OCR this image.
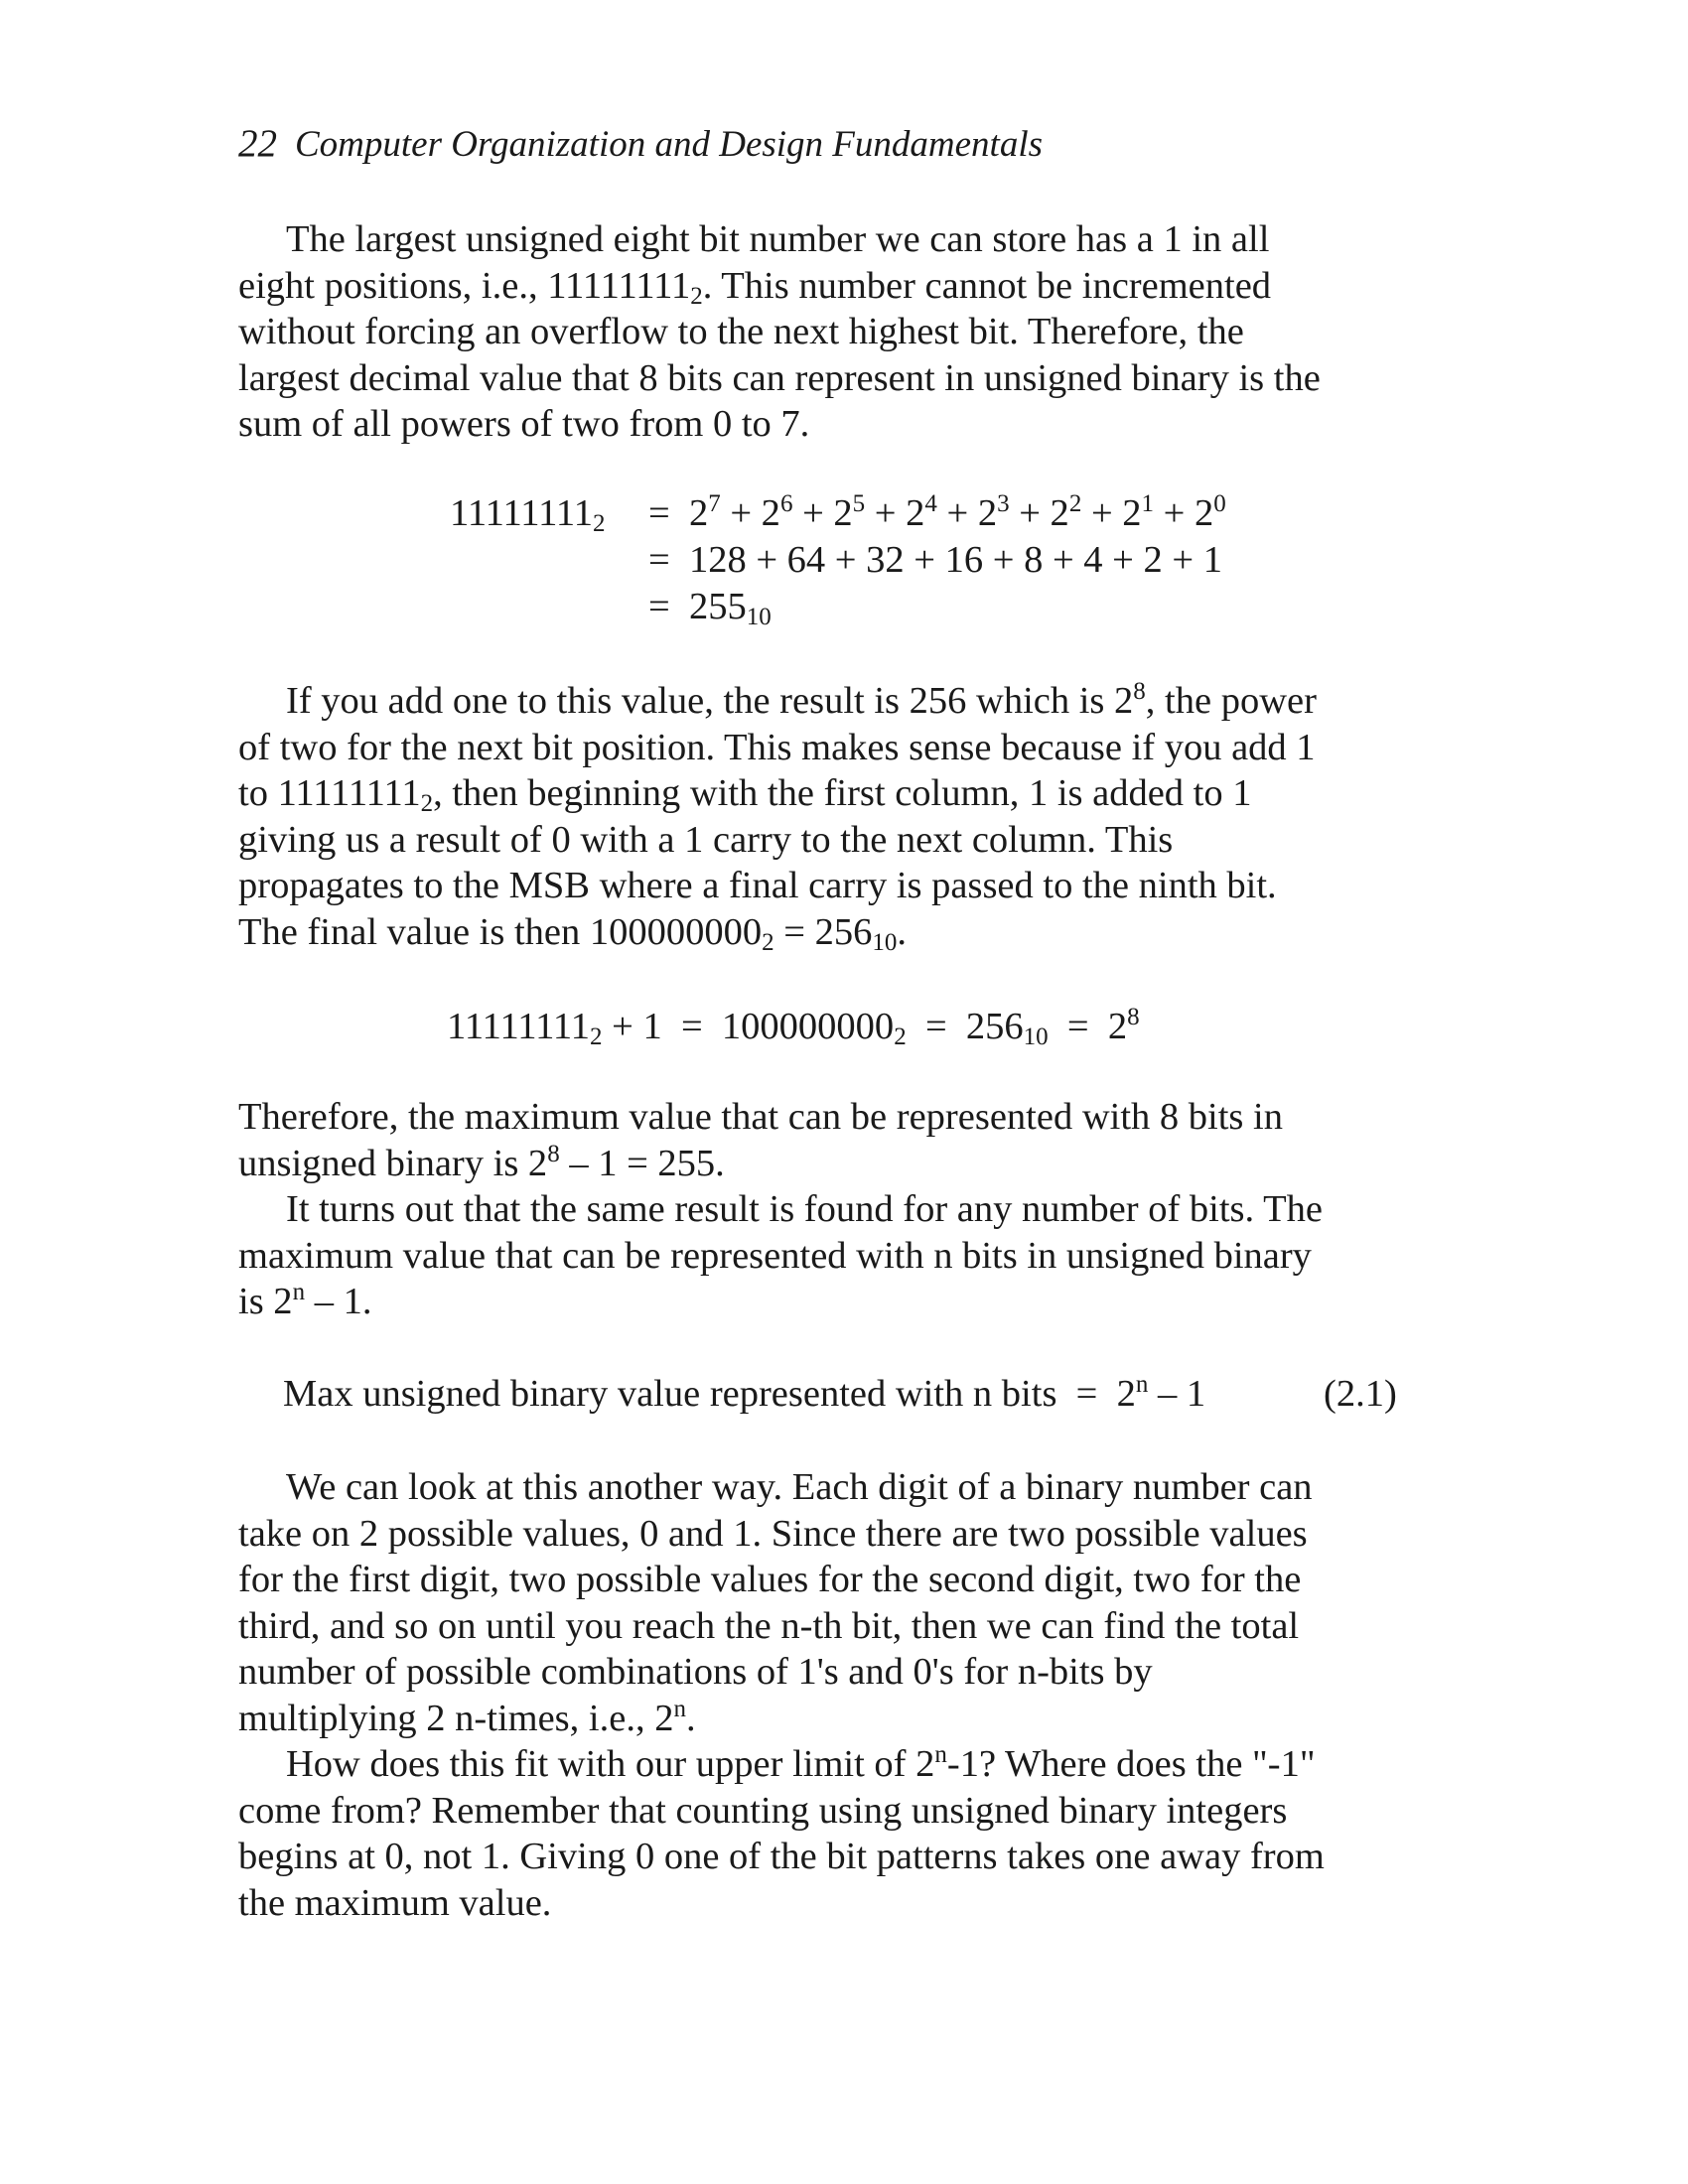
22 Computer Organization and Design Fundamentals
The largest unsigned eight bit number we can store has a 1 in all
eight positions, i.e., $11111111_2$. This number cannot be incremented
without forcing an overflow to the next highest bit. Therefore, the
largest decimal value that 8 bits can represent in unsigned binary is the
sum of all powers of two from 0 to 7.
$11111111_2 = 2^7 + 2^6 + 2^5 + 2^4 + 2^3 + 2^2 + 2^1 + 2^0$
= 128 + 64 + 32 + 16 + 8 + 4 + 2 + 1
= $255_{10}$
If you add one to this value, the result is 256 which is $2^8$, the power
of two for the next bit position. This makes sense because if you add 1
to $11111111_2$, then beginning with the first column, 1 is added to 1
giving us a result of 0 with a 1 carry to the next column. This
propagates to the MSB where a final carry is passed to the ninth bit.
The final value is then $100000000_2 = 256_{10}$.
$11111111_2 + 1 = 100000000_2 = 256_{10} = 2^8$
Therefore, the maximum value that can be represented with 8 bits in
unsigned binary is $2^8 - 1 = 255$.
It turns out that the same result is found for any number of bits. The
maximum value that can be represented with n bits in unsigned binary
is 2$^n$ – 1.
Max unsigned binary value represented with n bits  =  2$^n$ – 1	(2.1)
We can look at this another way. Each digit of a binary number can
take on 2 possible values, 0 and 1. Since there are two possible values
for the first digit, two possible values for the second digit, two for the
third, and so on until you reach the n-th bit, then we can find the total
number of possible combinations of 1's and 0's for n-bits by
multiplying 2 n-times, i.e., 2$^n$.
How does this fit with our upper limit of 2$^n$-1? Where does the "-1"
come from? Remember that counting using unsigned binary integers
begins at 0, not 1. Giving 0 one of the bit patterns takes one away from
the maximum value.
